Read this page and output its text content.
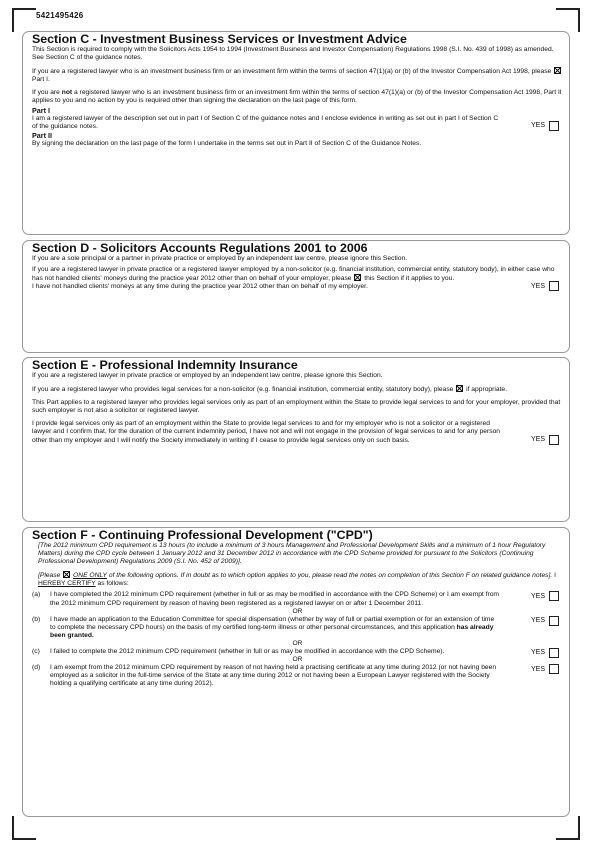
5421495426
Section C - Investment Business Services or Investment Advice

This Section is required to comply with the Solicitors Acts 1954 to 1994 (Investment Business and Investor Compensation) Regulations 1998 (S.I. No. 439 of 1998) as amended. See Section C of the guidance notes.

If you are a registered lawyer who is an investment business firm or an investment firm within the terms of section 47(1)(a) or (b) of the Investor Compensation Act 1998, please  Part I.

If you are not a registered lawyer who is an investment business firm or an investment firm within the terms of section 47(1)(a) or (b) of the Investor Compensation Act 1998, Part II applies to you and no action by you is required other than signing the declaration on the last page of this form.

Part I

I am a registered lawyer of the description set out in part I of Section C of the guidance notes and I enclose evidence in writing as set out in part I of Section C of the guidance notes.	YES

Part II

By signing the declaration on the last page of the form I undertake in the terms set out in Part II of Section C of the Guidance Notes.

Section D - Solicitors Accounts Regulations 2001 to 2006

If you are a sole principal or a partner in private practice or employed by an independent law centre, please ignore this Section.

If you are a registered lawyer in private practice or a registered lawyer employed by a non-solicitor (e.g. financial institution, commercial entity, statutory body), in either case who has not handled clients' moneys during the practice year 2012 other than on behalf of your employer, please this Section if it applies to you.

I have not handled clients' moneys at any time during the practice year 2012 other than on behalf of my employer.	YES
Section E - Professional Indemnity Insurance

If you are a registered lawyer in private practice or employed by an independent law centre, please ignore this Section.

If you are a registered lawyer who provides legal services for a non-solicitor (e.g. financial institution, commercial entity, statutory body), please if appropriate.

This Part applies to a registered lawyer who provides legal services only as part of an employment within the State to provide legal services to and for your employer, provided that such employer is not also a solicitor or registered lawyer.

I provide legal services only as part of an employment within the State to provide legal services to and for my employer who is not a solicitor or a registered lawyer and I confirm that, for the duration of the current indemnity period, I have not and will not engage in the provision of legal services to and for any person other than my employer and I will notify the Society immediately in writing if I cease to provide legal services only on such basis.	YES
Section F - Continuing Professional Development ("CPD")

[The 2012 minimum CPD requirement is 13 hours (to include a minimum of 3 hours Management and Professional Development Skills and a minimum of 1 hour Regulatory Matters) during the CPD cycle between 1 January 2012 and 31 December 2012 in accordance with the CPD Scheme provided for pursuant to the Solicitors (Continuing Professional Development) Regulations 2009 (S.I. No. 452 of 2009)].

[Please ONE ONLY of the following options. If in doubt as to which option applies to you, please read the notes on completion of this Section F on related guidance notes]. I HEREBY CERTIFY as follows:

(a)	I have completed the 2012 minimum CPD requirement (whether in full or as may be modified in accordance with the CPD Scheme) or I am exempt from the 2012 minimum CPD requirement by reason of having been registered as a registered lawyer on or after 1 December 2011.
YES

OR

(b)	I have made an application to the Education Committee for special dispensation (whether by way of full or partial exemption or for an extension of time to complete the necessary CPD hours) on the basis of my certified long-term illness or other personal circumstances, and this application has already been granted.
YES

OR

(c)	I failed to complete the 2012 minimum CPD requirement (whether in full or as may be modified in accordance with the CPD Scheme).	YES

OR

(d)	I am exempt from the 2012 minimum CPD requirement by reason of not having held a practising certificate at any time during 2012 (or not having been employed as a solicitor in the full-time service of the State at any time during 2012 or not having been a European Lawyer registered with the Society holding a qualifying certificate at any time during 2012).
YES
